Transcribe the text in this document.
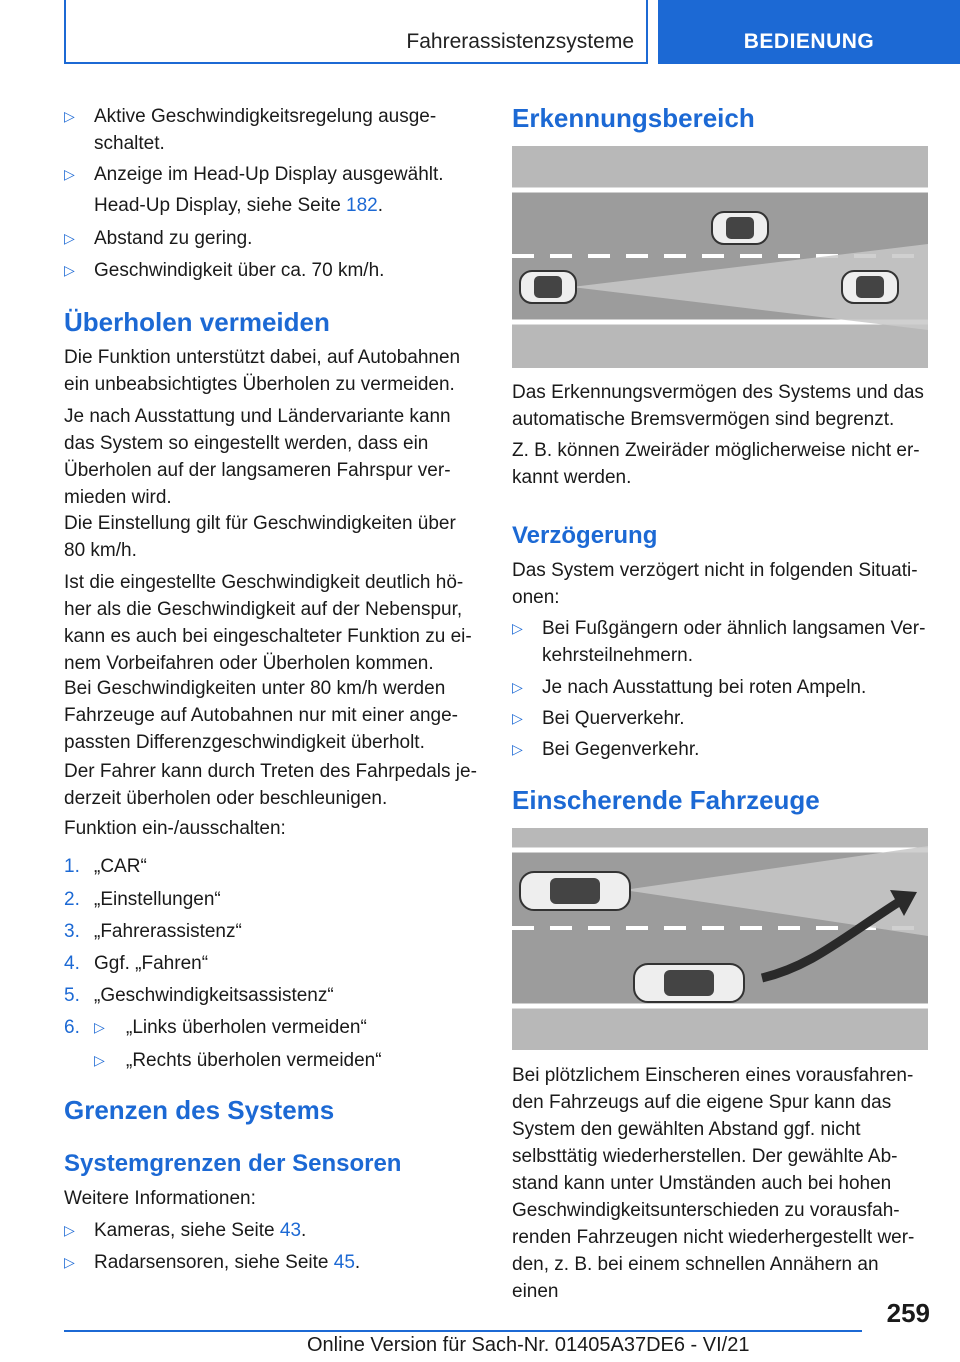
Fahrerassistenzsysteme	BEDIENUNG
▷ Aktive Geschwindigkeitsregelung ausge-
schaltet.

▷ Anzeige im Head-Up Display ausgewählt.

Head-Up Display, siehe Seite 182.

▷ Abstand zu gering.

▷ Geschwindigkeit über ca. 70 km/h.

Überholen vermeiden

Die Funktion unterstützt dabei, auf Autobahnen
ein unbeabsichtigtes Überholen zu vermeiden.

Je nach Ausstattung und Ländervariante kann
das System so eingestellt werden, dass ein
Überholen auf der langsameren Fahrspur ver-
mieden wird.

Die Einstellung gilt für Geschwindigkeiten über
80 km/h.

Ist die eingestellte Geschwindigkeit deutlich hö-
her als die Geschwindigkeit auf der Nebenspur,
kann es auch bei eingeschalteter Funktion zu ei-
nem Vorbeifahren oder Überholen kommen.

Bei Geschwindigkeiten unter 80 km/h werden
Fahrzeuge auf Autobahnen nur mit einer ange-
passten Differenzgeschwindigkeit überholt.

Der Fahrer kann durch Treten des Fahrpedals je-
derzeit überholen oder beschleunigen.

Funktion ein-/ausschalten:

1. „CAR“

2. „Einstellungen“

3. „Fahrerassistenz“

4. Ggf. „Fahren“

5. „Geschwindigkeitsassistenz“

6. ▷ „Links überholen vermeiden“

▷ „Rechts überholen vermeiden“

Grenzen des Systems
Systemgrenzen der Sensoren

Weitere Informationen:

▷ Kameras, siehe Seite 43.

▷ Radarsensoren, siehe Seite 45.

Erkennungsbereich

Das Erkennungsvermögen des Systems und das
automatische Bremsvermögen sind begrenzt.

Z. B. können Zweiräder möglicherweise nicht er-
kannt werden.

Verzögerung

Das System verzögert nicht in folgenden Situati-
onen:

▷ Bei Fußgängern oder ähnlich langsamen Ver-
kehrsteilnehmern.

▷ Je nach Ausstattung bei roten Ampeln.

▷ Bei Querverkehr.

▷ Bei Gegenverkehr.

Einscherende Fahrzeuge

Bei plötzlichem Einscheren eines vorausfahren-
den Fahrzeugs auf die eigene Spur kann das
System den gewählten Abstand ggf. nicht
selbsttätig wiederherstellen. Der gewählte Ab-
stand kann unter Umständen auch bei hohen
Geschwindigkeitsunterschieden zu vorausfah-
renden Fahrzeugen nicht wiederhergestellt wer-
den, z. B. bei einem schnellen Annähern an einen

259
Online Version für Sach-Nr. 01405A37DE6 - VI/21
